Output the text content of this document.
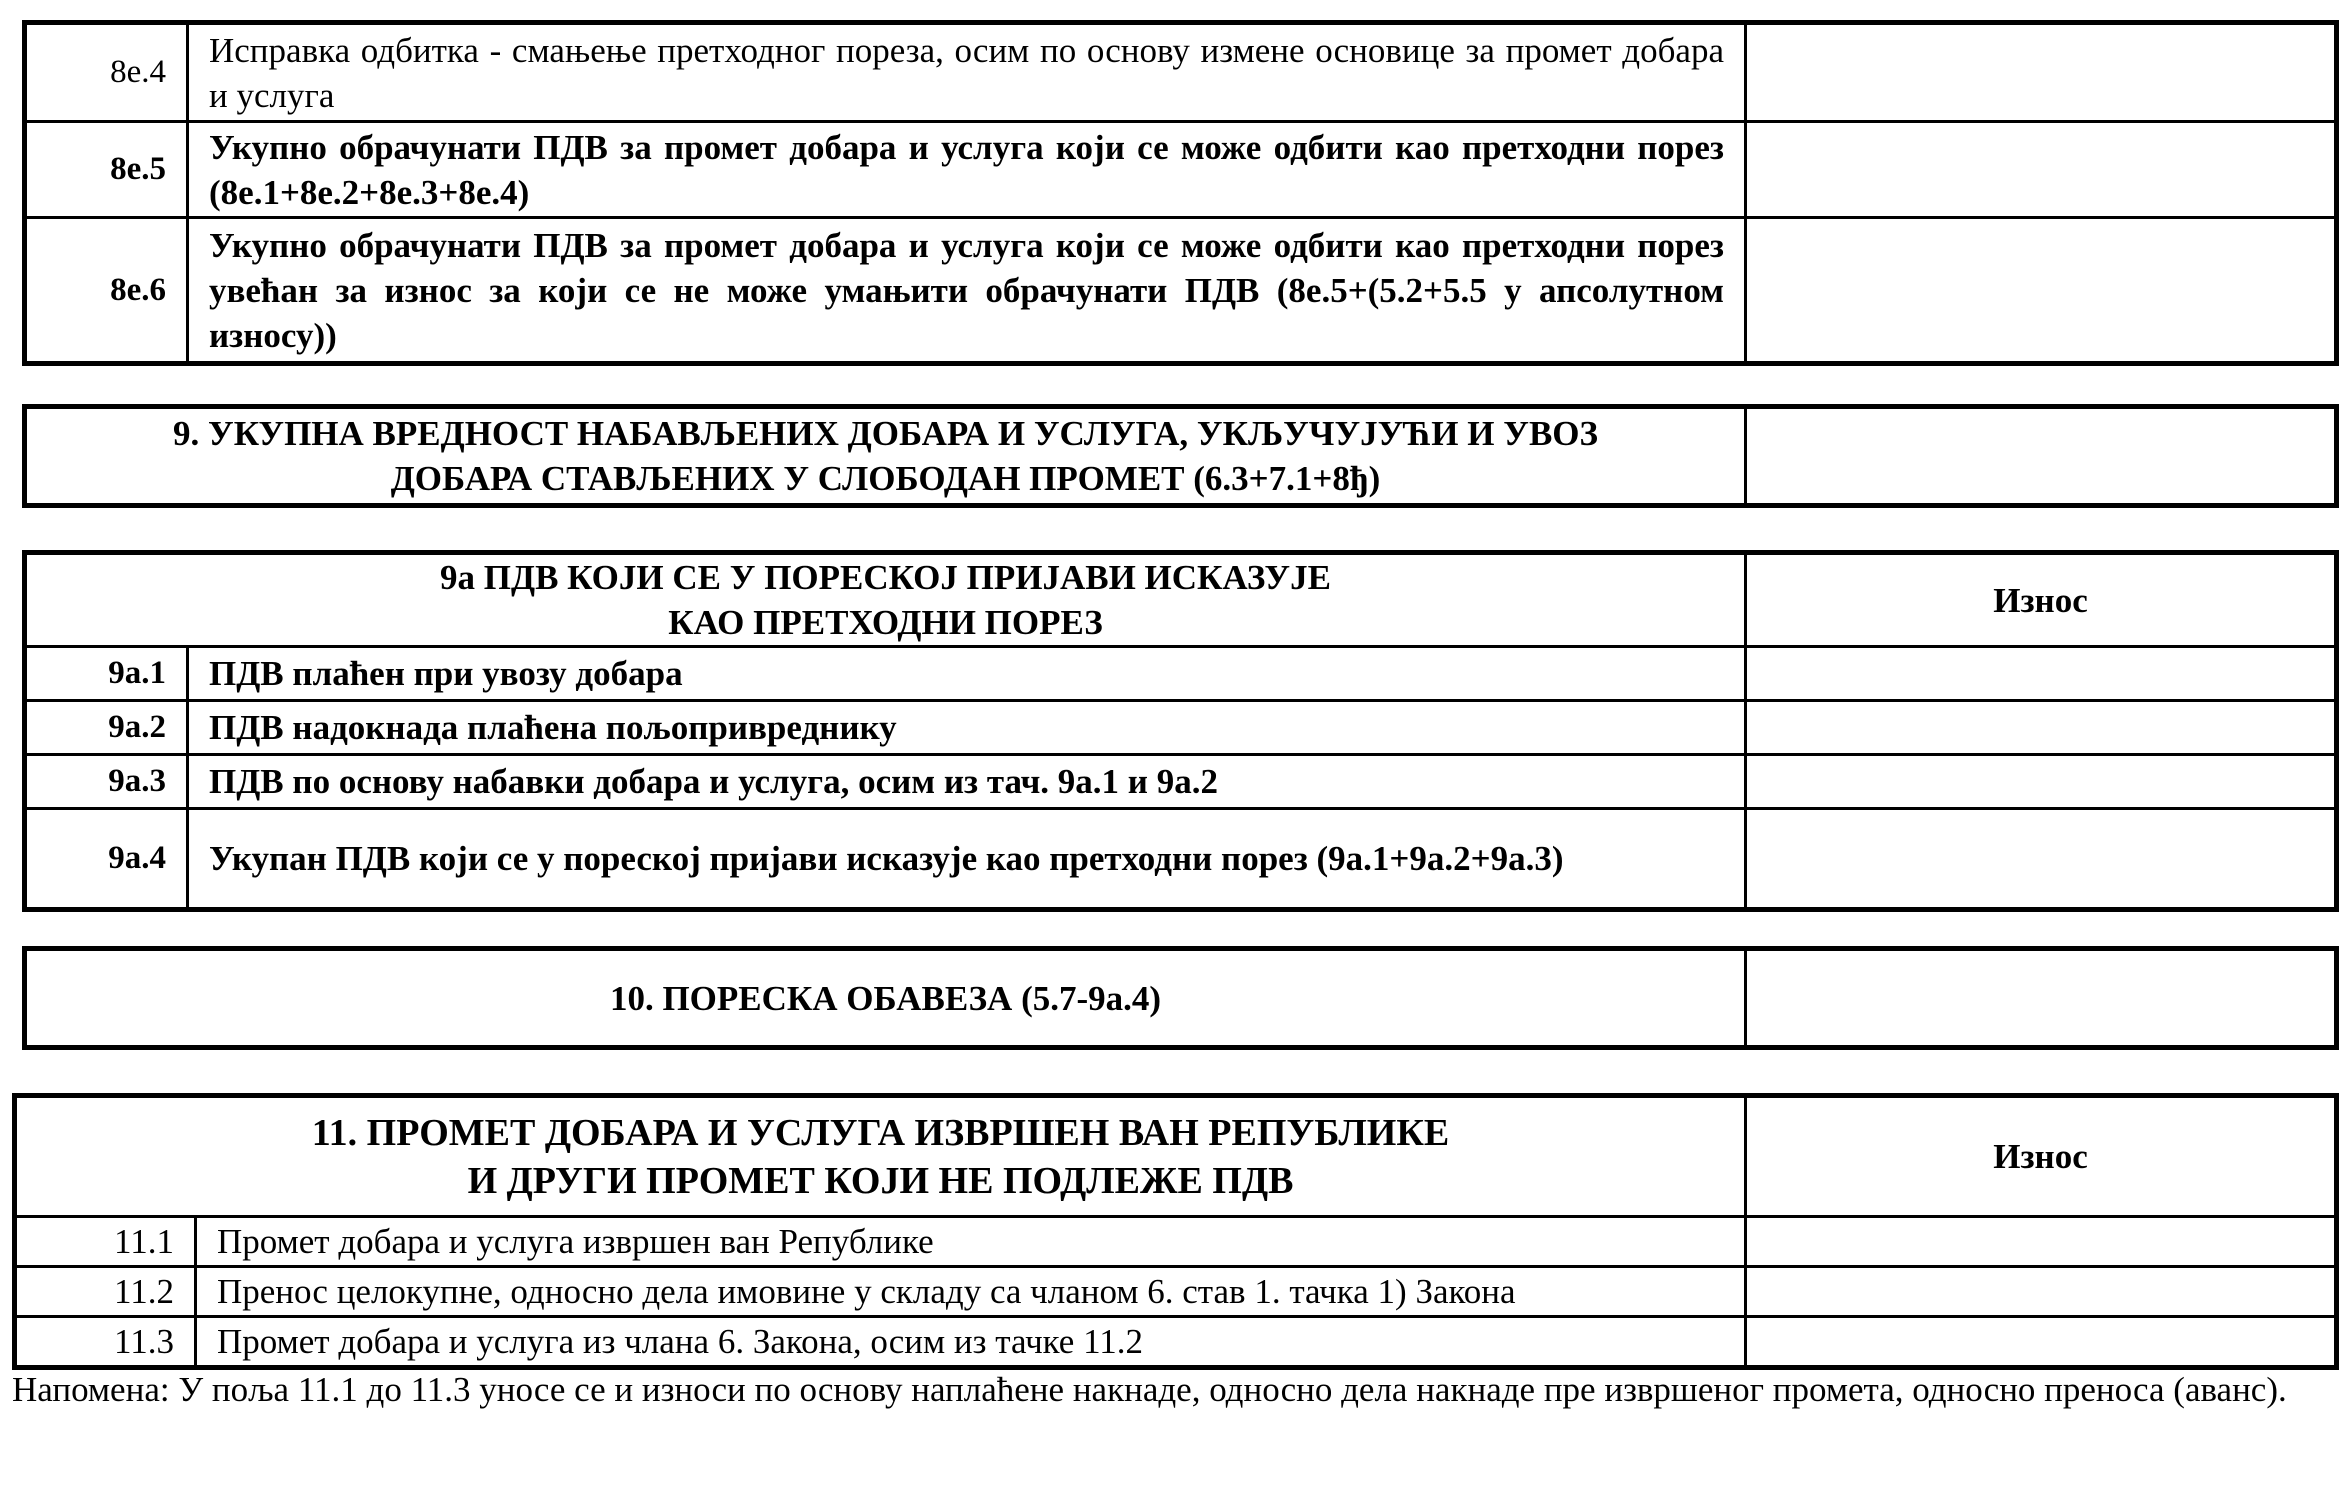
8е.4	Исправка одбитка - смањење претходног пореза, осим по основу измене основице за промет добара и услуга	
8е.5	Укупно обрачунати ПДВ за промет добара и услуга који се може одбити као претходни порез (8е.1+8е.2+8е.3+8е.4)	
8е.6	Укупно обрачунати ПДВ за промет добара и услуга који се може одбити као претходни порез увећан за износ за који се не може умањити обрачунати ПДВ (8е.5+(5.2+5.5 у апсолутном износу))	
9. УКУПНА ВРЕДНОСТ НАБАВЉЕНИХ ДОБАРА И УСЛУГА, УКЉУЧУЈУЋИ И УВОЗ
ДОБАРА СТАВЉЕНИХ У СЛОБОДАН ПРОМЕТ (6.3+7.1+8ђ)

9а ПДВ КОЈИ СЕ У ПОРЕСКОЈ ПРИЈАВИ ИСКАЗУЈЕ
КАО ПРЕТХОДНИ ПОРЕЗ		Износ
9а.1	ПДВ плаћен при увозу добара	
9а.2	ПДВ надокнада плаћена пољопривреднику	
9а.3	ПДВ по основу набавки добара и услуга, осим из тач. 9а.1 и 9а.2	
9а.4	Укупан ПДВ који се у пореској пријави исказује као претходни порез (9а.1+9а.2+9а.3)	
10. ПОРЕСКА ОБАВЕЗА (5.7-9а.4)	
11. ПРОМЕТ ДОБАРА И УСЛУГА ИЗВРШЕН ВАН РЕПУБЛИКЕ
И ДРУГИ ПРОМЕТ КОЈИ НЕ ПОДЛЕЖЕ ПДВ		Износ
11.1	Промет добара и услуга извршен ван Републике	
11.2	Пренос целокупне, односно дела имовине у складу са чланом 6. став 1. тачка 1) Закона	
11.3	Промет добара и услуга из члана 6. Закона, осим из тачке 11.2	
Напомена: У поља 11.1 до 11.3 уносе се и износи по основу наплаћене накнаде, односно дела накнаде пре извршеног промета, односно преноса (аванс).
